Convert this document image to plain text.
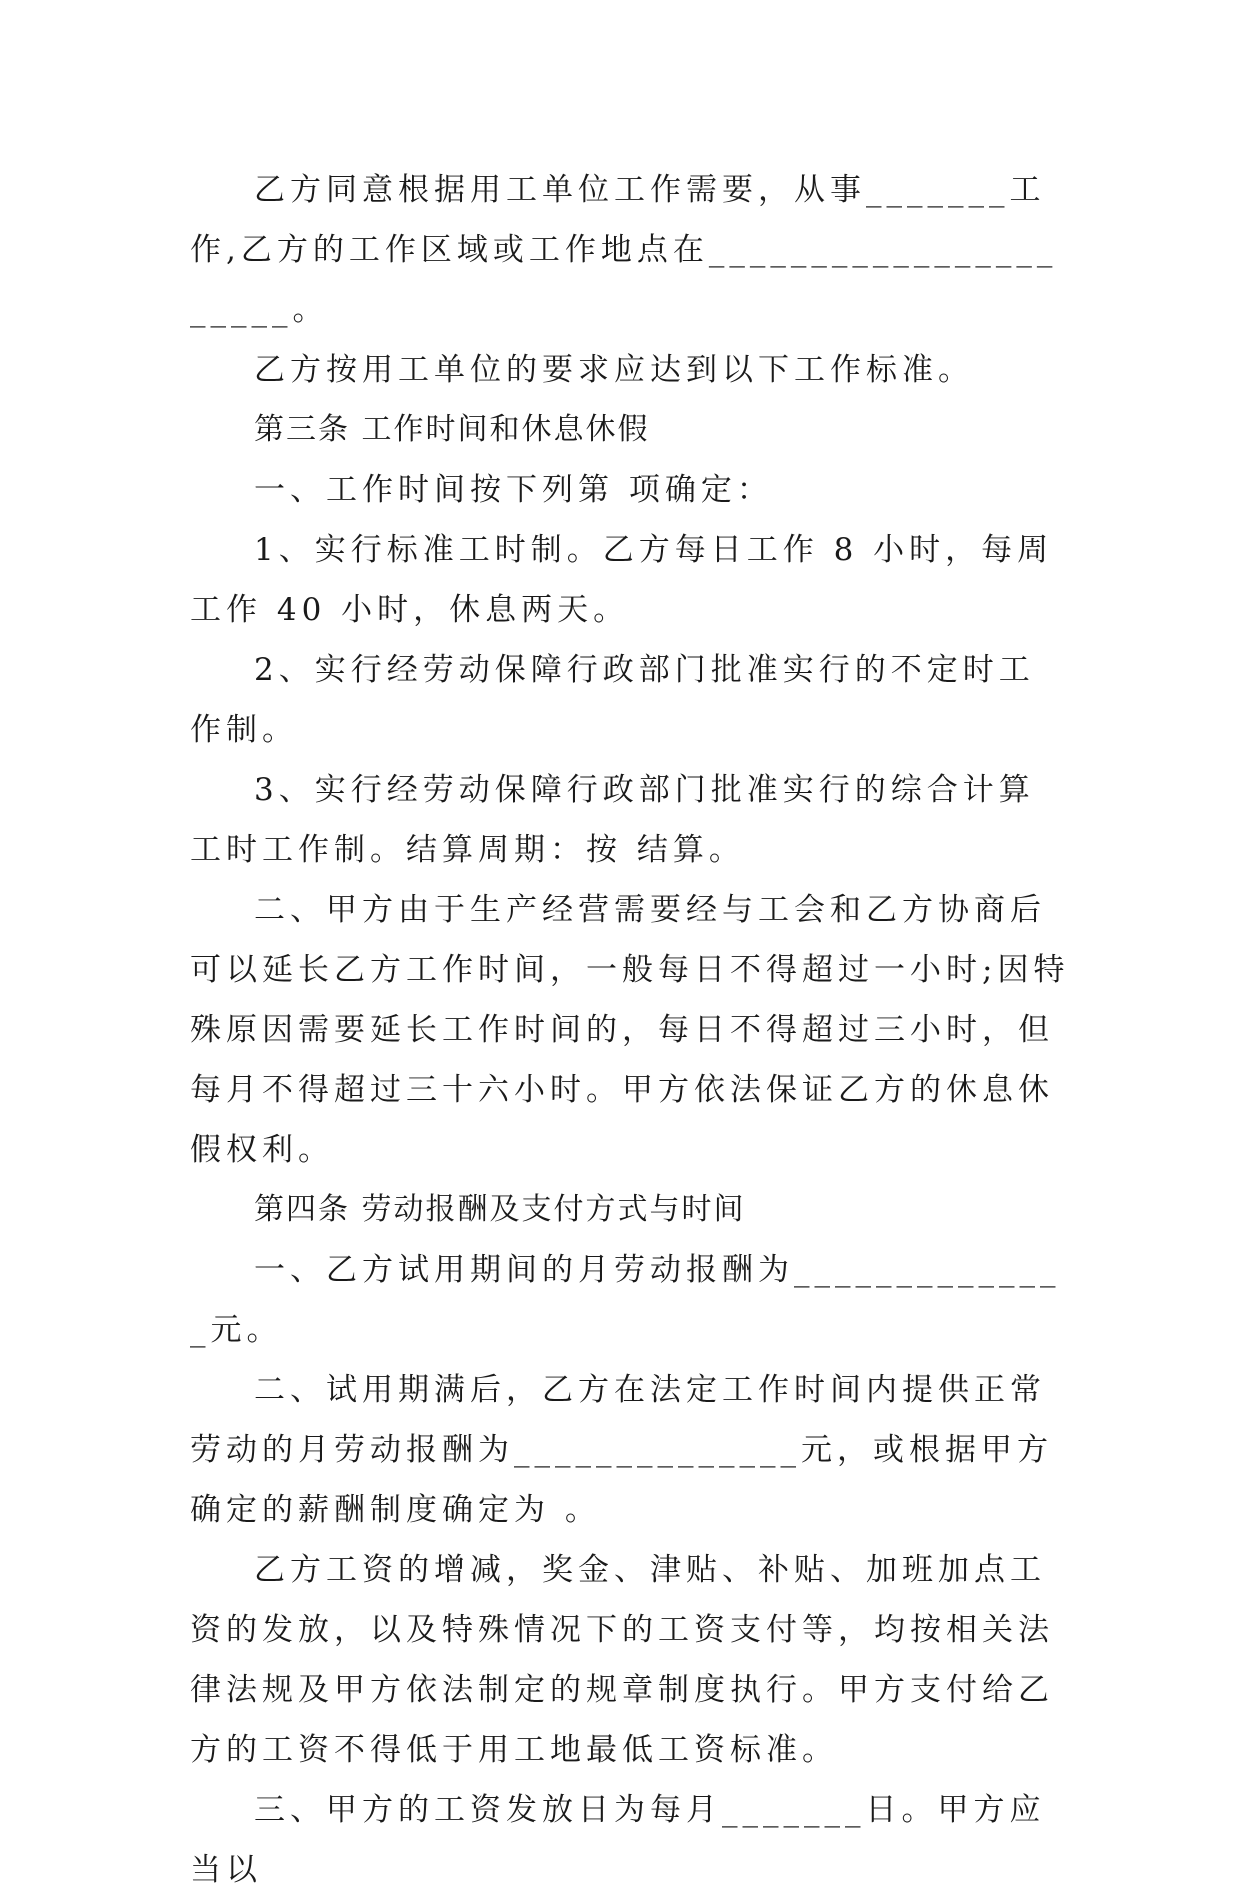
乙方同意根据用工单位工作需要，从事_______工作,乙方的工作区域或工作地点在______________________。

乙方按用工单位的要求应达到以下工作标准。

第三条 工作时间和休息休假

一、工作时间按下列第 项确定：

1、实行标准工时制。乙方每日工作 8 小时，每周工作 40 小时，休息两天。

2、实行经劳动保障行政部门批准实行的不定时工作制。

3、实行经劳动保障行政部门批准实行的综合计算工时工作制。结算周期：按 结算。

二、甲方由于生产经营需要经与工会和乙方协商后可以延长乙方工作时间，一般每日不得超过一小时;因特殊原因需要延长工作时间的，每日不得超过三小时，但每月不得超过三十六小时。甲方依法保证乙方的休息休假权利。

第四条 劳动报酬及支付方式与时间

一、乙方试用期间的月劳动报酬为______________元。

二、试用期满后，乙方在法定工作时间内提供正常劳动的月劳动报酬为______________元，或根据甲方确定的薪酬制度确定为 。

乙方工资的增减，奖金、津贴、补贴、加班加点工资的发放，以及特殊情况下的工资支付等，均按相关法律法规及甲方依法制定的规章制度执行。甲方支付给乙方的工资不得低于用工地最低工资标准。

三、甲方的工资发放日为每月_______日。甲方应当以
